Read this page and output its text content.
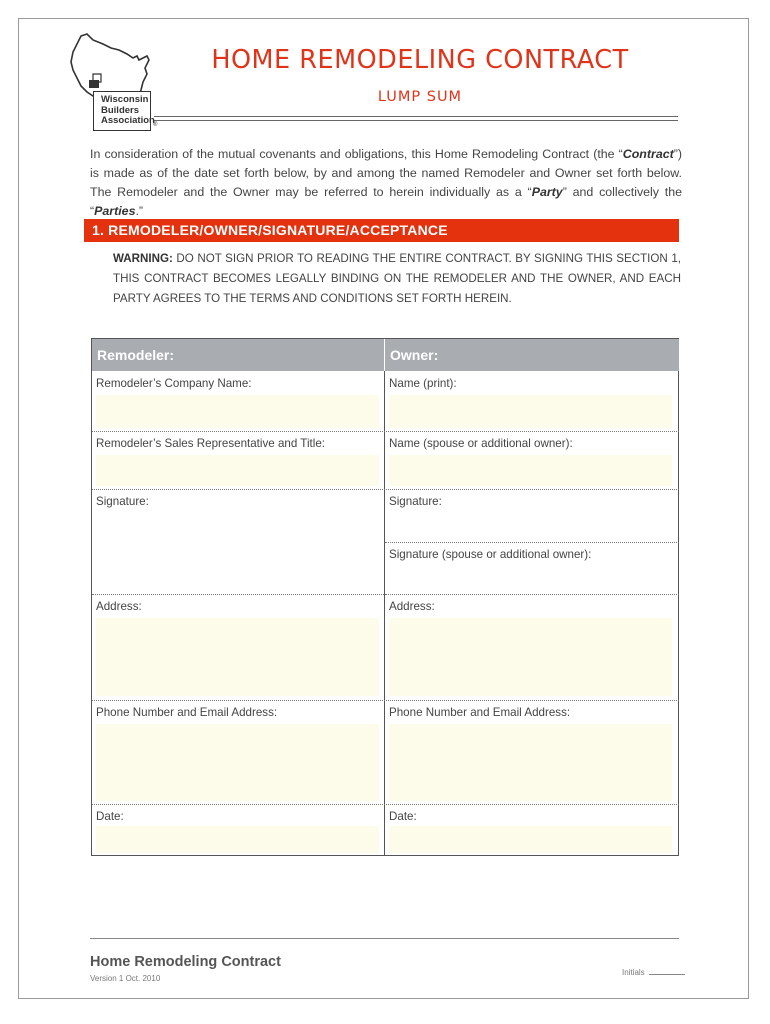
Wisconsin
Builders
Association
®
HOME REMODELING CONTRACT
LUMP SUM
In consideration of the mutual covenants and obligations, this Home Remodeling Contract (the “Contract”) is made as of the date set forth below, by and among the named Remodeler and Owner set forth below. The Remodeler and the Owner may be referred to herein individually as a “Party” and collectively the “Parties.”
1. REMODELER/OWNER/SIGNATURE/ACCEPTANCE
WARNING: DO NOT SIGN PRIOR TO READING THE ENTIRE CONTRACT. BY SIGNING THIS SECTION 1, THIS CONTRACT BECOMES LEGALLY BINDING ON THE REMODELER AND THE OWNER, AND EACH PARTY AGREES TO THE TERMS AND CONDITIONS SET FORTH HEREIN.
Remodeler:	Owner:
Remodeler’s Company Name:
Remodeler’s Sales Representative and Title:
Signature:
Address:
Phone Number and Email Address:
Date:
Name (print):
Name (spouse or additional owner):
Signature:
Signature (spouse or additional owner):
Address:
Phone Number and Email Address:
Date:
Home Remodeling Contract
Version 1 Oct. 2010
Initials
